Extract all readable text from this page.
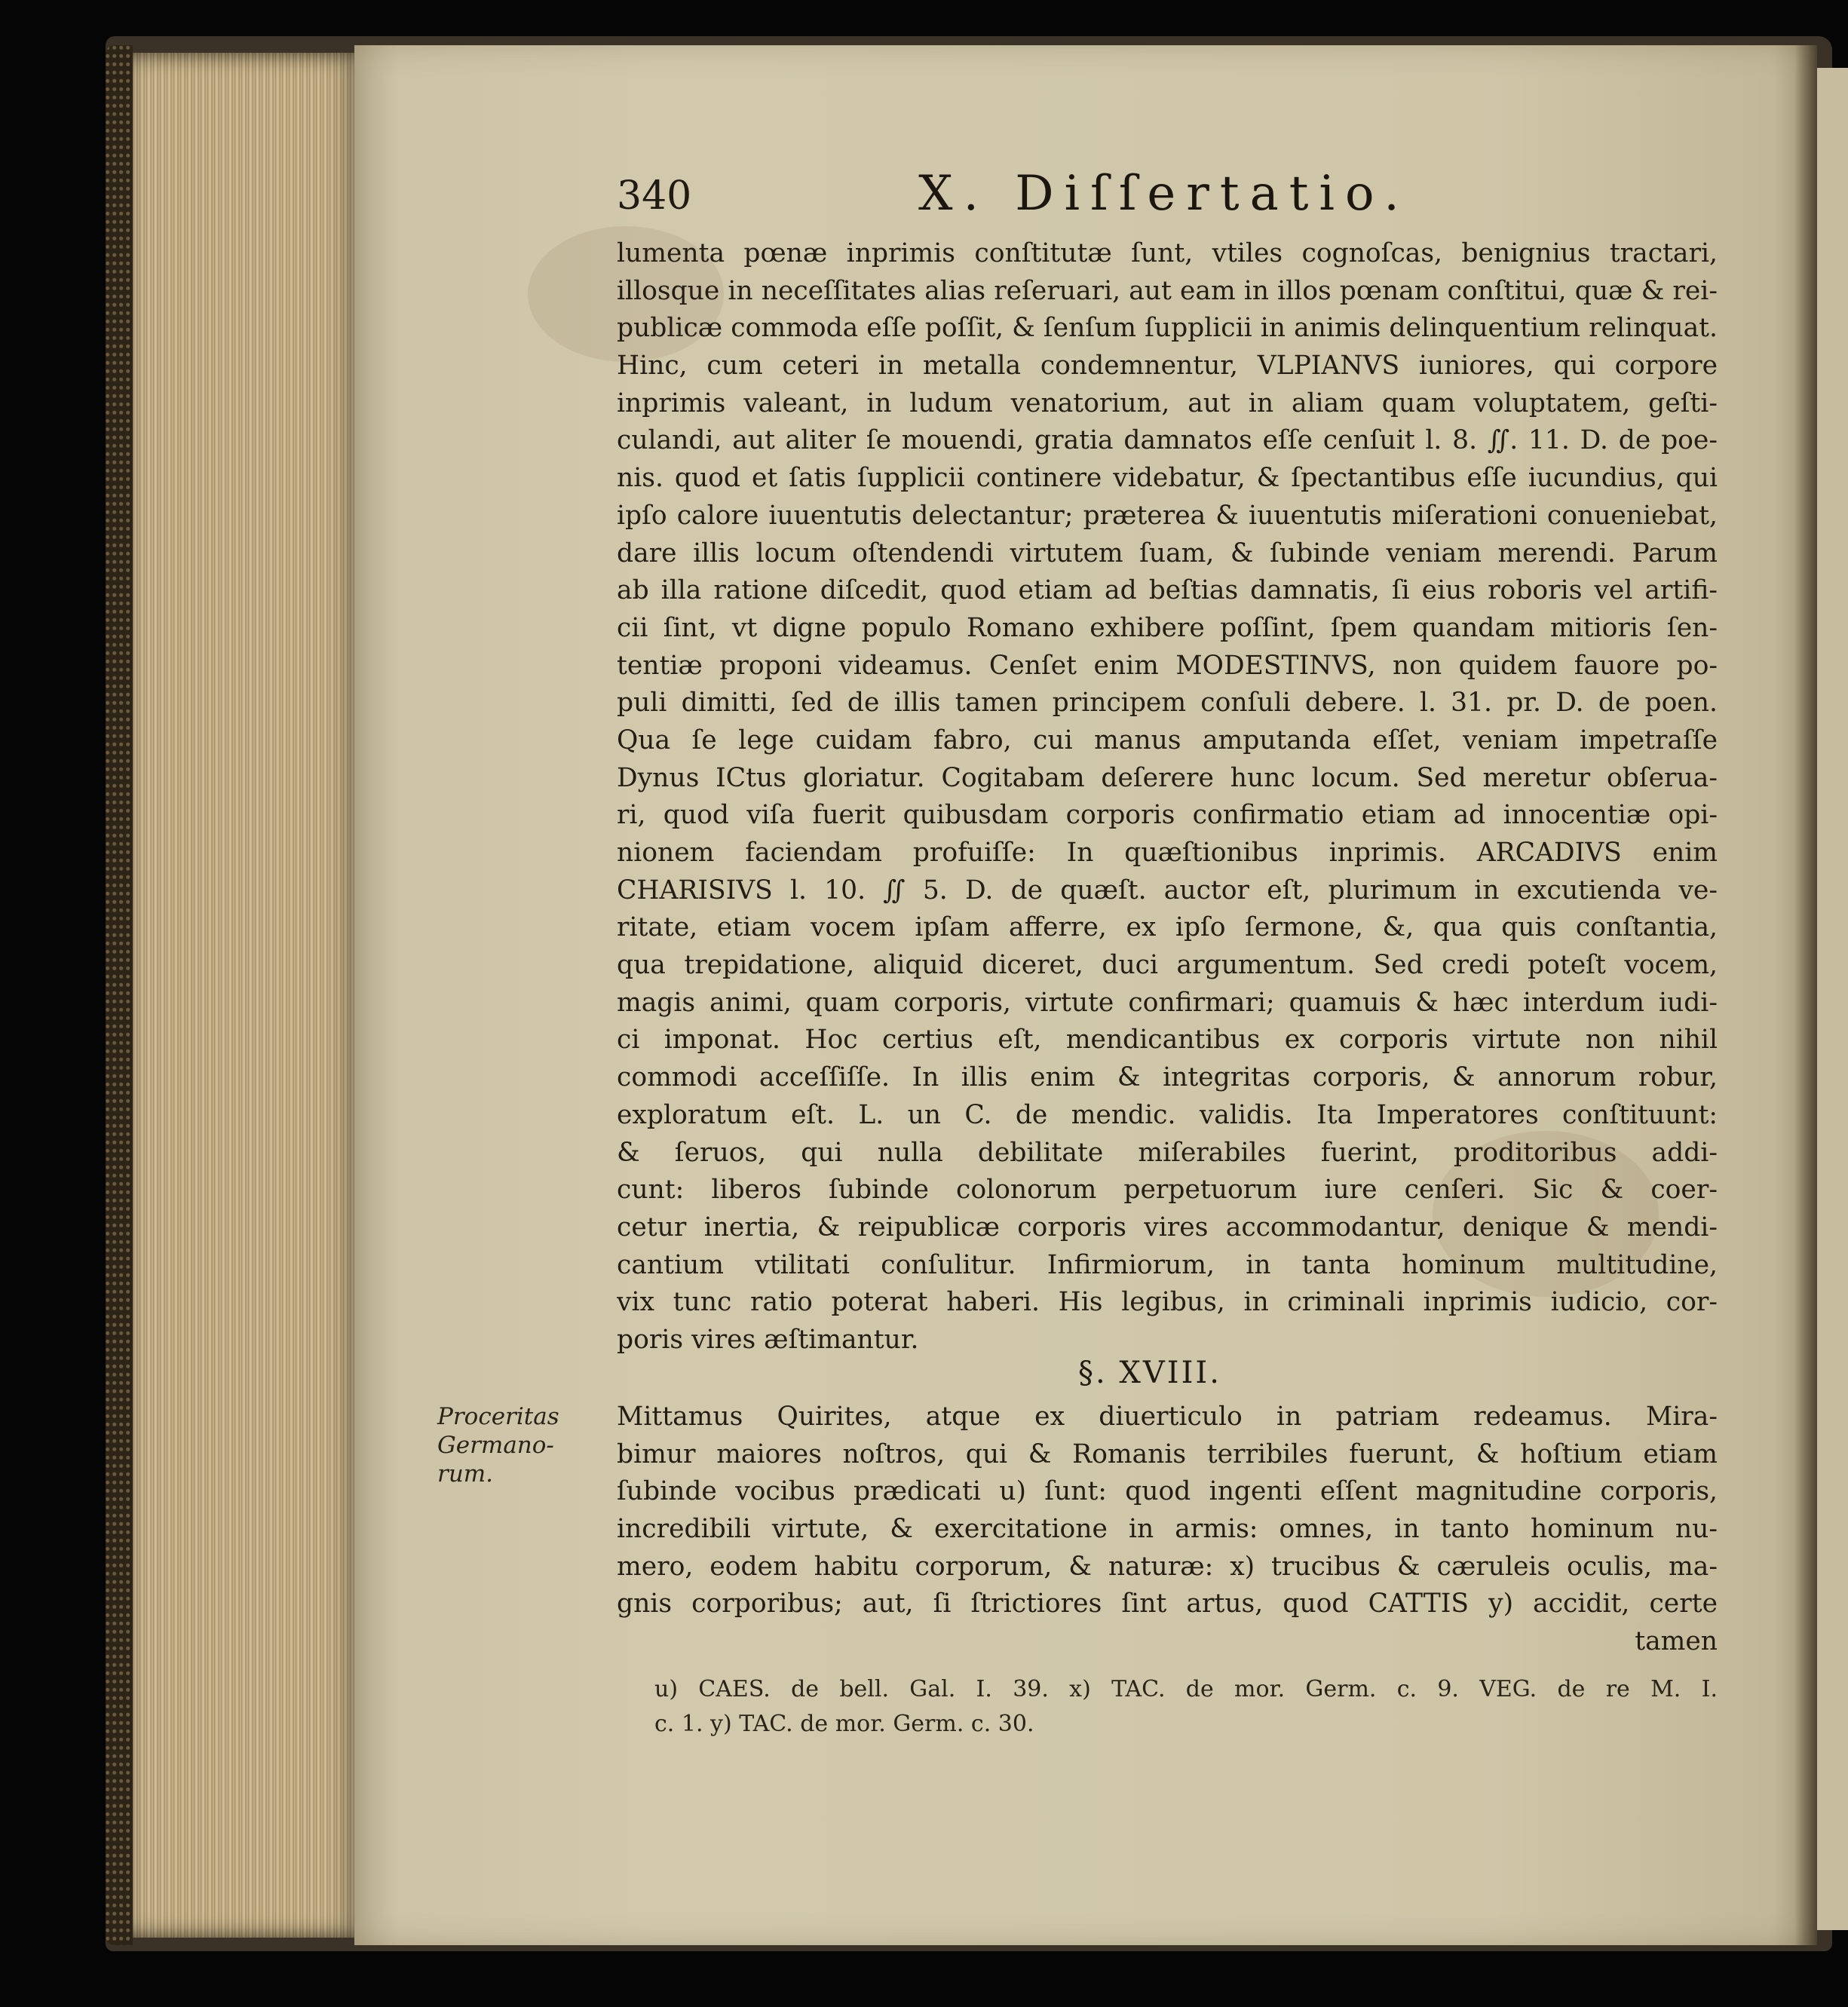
340	X. Diſſertatio.
lumenta pœnæ inprimis conſtitutæ ſunt, vtiles cognoſcas, benignius tractari,
illosque in neceſſitates alias reſeruari, aut eam in illos pœnam conſtitui, quæ & rei-
publicæ commoda eſſe poſſit, & ſenſum ſupplicii in animis delinquentium relinquat.
Hinc, cum ceteri in metalla condemnentur, VLPIANVS iuniores, qui corpore
inprimis valeant, in ludum venatorium, aut in aliam quam voluptatem, geſti-
culandi, aut aliter ſe mouendi, gratia damnatos eſſe cenſuit l. 8. ∬. 11. D. de poe-
nis. quod et ſatis ſupplicii continere videbatur, & ſpectantibus eſſe iucundius, qui
ipſo calore iuuentutis delectantur; præterea & iuuentutis miſerationi conueniebat,
dare illis locum oſtendendi virtutem ſuam, & ſubinde veniam merendi. Parum
ab illa ratione diſcedit, quod etiam ad beſtias damnatis, ſi eius roboris vel artifi-
cii ſint, vt digne populo Romano exhibere poſſint, ſpem quandam mitioris ſen-
tentiæ proponi videamus. Cenſet enim MODESTINVS, non quidem fauore po-
puli dimitti, ſed de illis tamen principem conſuli debere. l. 31. pr. D. de poen.
Qua ſe lege cuidam fabro, cui manus amputanda eſſet, veniam impetraſſe
Dynus ICtus gloriatur. Cogitabam deſerere hunc locum. Sed meretur obſerua-
ri, quod viſa fuerit quibusdam corporis confirmatio etiam ad innocentiæ opi-
nionem faciendam profuiſſe: In quæſtionibus inprimis. ARCADIVS enim
CHARISIVS l. 10. ∬ 5. D. de quæſt. auctor eſt, plurimum in excutienda ve-
ritate, etiam vocem ipſam afferre, ex ipſo ſermone, &, qua quis conſtantia,
qua trepidatione, aliquid diceret, duci argumentum. Sed credi poteſt vocem,
magis animi, quam corporis, virtute confirmari; quamuis & hæc interdum iudi-
ci imponat. Hoc certius eſt, mendicantibus ex corporis virtute non nihil
commodi acceſſiſſe. In illis enim & integritas corporis, & annorum robur,
exploratum eſt. L. un C. de mendic. validis. Ita Imperatores conſtituunt:
& ſeruos, qui nulla debilitate miſerabiles fuerint, proditoribus addi-
cunt: liberos ſubinde colonorum perpetuorum iure cenſeri. Sic & coer-
cetur inertia, & reipublicæ corporis vires accommodantur, denique & mendi-
cantium vtilitati conſulitur. Infirmiorum, in tanta hominum multitudine,
vix tunc ratio poterat haberi. His legibus, in criminali inprimis iudicio, cor-
poris vires æſtimantur.
§. XVIII.
Proceritas
Germano-
rum.
Mittamus Quirites, atque ex diuerticulo in patriam redeamus. Mira-
bimur maiores noſtros, qui & Romanis terribiles fuerunt, & hoſtium etiam
ſubinde vocibus prædicati u) ſunt: quod ingenti eſſent magnitudine corporis,
incredibili virtute, & exercitatione in armis: omnes, in tanto hominum nu-
mero, eodem habitu corporum, & naturæ: x) trucibus & cæruleis oculis, ma-
gnis corporibus; aut, ſi ſtrictiores ſint artus, quod CATTIS y) accidit, certe
tamen
u) CAES. de bell. Gal. I. 39. x) TAC. de mor. Germ. c. 9. VEG. de re M. I.
c. 1. y) TAC. de mor. Germ. c. 30.
